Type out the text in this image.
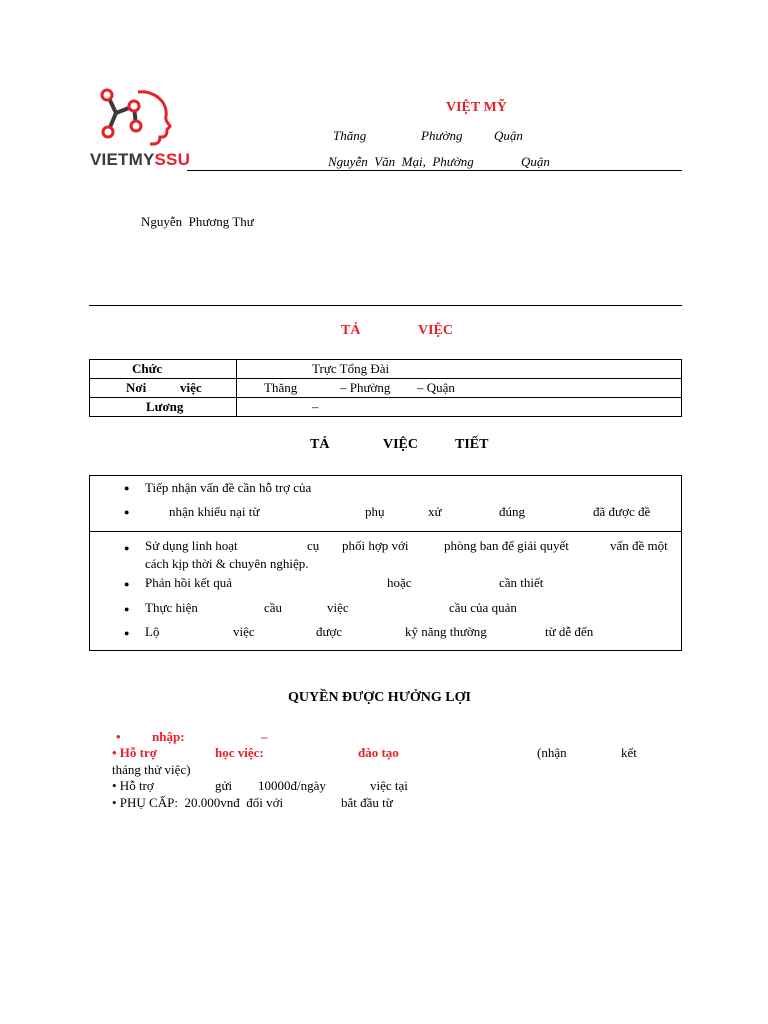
VIETMYSSU
VIỆT MỸ
Thăng	Phường Quận
Nguyễn  Văn  Mại,  Phường	Quận
Nguyễn  Phương Thư
TẢ	VIỆC
Chức	Trực Tổng Đài

Nơi việc	Thăng – Phường – Quận

Lương	–
TẢ	VIỆC	TIẾT
● Tiếp nhận vấn đề cần hỗ trợ của
●	nhận khiếu nại từ	phụ	xử	đúng	đã được đề
● Sử dụng linh hoạt	cụ phối hợp với	phòng ban để giải quyết	vấn đề một
cách kịp thời & chuyên nghiệp.
● Phản hồi kết quả	hoặc	cần thiết
● Thực hiện	cầu	việc	cầu của quản
● Lộ	việc	được	kỹ năng thường	từ dễ đến
QUYỀN ĐƯỢC HƯỞNG LỢI
• nhập:	–
• Hỗ trợ	học việc:	đào tạo	(nhận	kết
tháng thử việc)
• Hỗ trợ	gửi 10000đ/ngày	việc tại
• PHỤ CẤP:  20.000vnđ  đối với	bắt đầu từ
